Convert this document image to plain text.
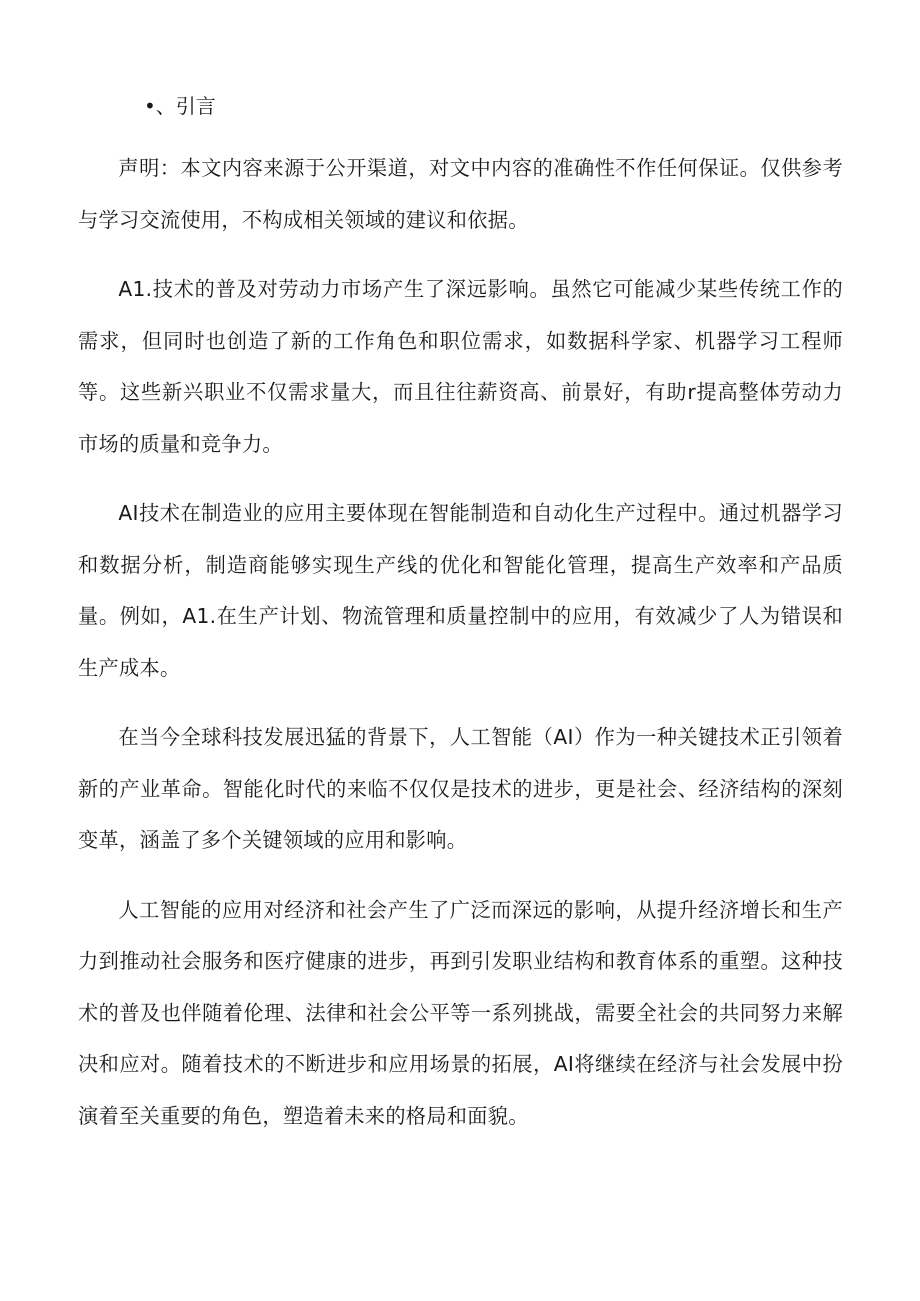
•、引言

声明：本文内容来源于公开渠道，对文中内容的准确性不作任何保证。仅供参考与学习交流使用，不构成相关领域的建议和依据。

A1.技术的普及对劳动力市场产生了深远影响。虽然它可能减少某些传统工作的需求，但同时也创造了新的工作角色和职位需求，如数据科学家、机器学习工程师等。这些新兴职业不仅需求量大，而且往往薪资高、前景好，有助r提高整体劳动力市场的质量和竞争力。

AI技术在制造业的应用主要体现在智能制造和自动化生产过程中。通过机器学习和数据分析，制造商能够实现生产线的优化和智能化管理，提高生产效率和产品质量。例如，A1.在生产计划、物流管理和质量控制中的应用，有效减少了人为错误和生产成本。

在当今全球科技发展迅猛的背景下，人工智能（AI）作为一种关键技术正引领着新的产业革命。智能化时代的来临不仅仅是技术的进步，更是社会、经济结构的深刻变革，涵盖了多个关键领域的应用和影响。

人工智能的应用对经济和社会产生了广泛而深远的影响，从提升经济增长和生产力到推动社会服务和医疗健康的进步，再到引发职业结构和教育体系的重塑。这种技术的普及也伴随着伦理、法律和社会公平等一系列挑战，需要全社会的共同努力来解决和应对。随着技术的不断进步和应用场景的拓展，AI将继续在经济与社会发展中扮演着至关重要的角色，塑造着未来的格局和面貌。
